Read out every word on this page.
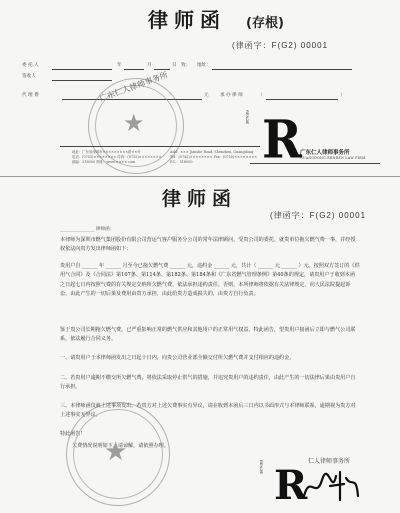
律师函 (存根)
(律函字：F(G2) 00001
委 托 人	年	月	日 致： 地址：
签收人
代 理 费	元 承 办 律 师	（	）
★
广东仁人律师事务所
地址：广东省深圳市×××××××××路××号
电话：(0755)×××××××× 传真：(0755)××××××××
邮编：518000 网址：www.××××.com
Add：××× Jianshe Road, Shenzhen, Guangdong
Tel：(0755)×××××××× Fax：(0755)××××××××
P.C.：518000
RENJIE R
广东仁人律师事务所
GUANGDONG RENREN LAW FIRM
律师函
(律函字：F(G2) 00001
_______________ 律师函：
本律师为深圳市燃气集团股份有限公司营运气客户服务分公司的常年法律顾问，受贵公司的委托，就贵单位拖欠燃气费一事，并经授权依法向贵方发出律师函如下：
贵用户自 ______ 年 ______ 月至今已拖欠燃气费 ______ 元，违约金 ______ 元，共计（ ______ 元 ______ ）元。按照双方签订的《供用气合同》及《合同法》第107条、第114条、第182条、第184条和《广东省燃气管理条例》第40条的规定，请贵用户于收到本函之日起七日内按照气费的有关规定交纳所欠燃气费，依法承担违约责任。否则，本所律师将依据有关法律规定，向人民法院提起诉讼，由此产生的一切后果及费用由贵方承担，由此给贵方造成损失的，由贵方自行负责。
鉴于贵公司长期拖欠燃气费，已严重影响正常的燃气供应和其他用户的正常用气权益，特此函告，望贵用户接函后立即与燃气公司联系，依法履行合同义务。
一、请贵用户于本律师函发出之日起十日内，向贵公司营业部全额交付所欠燃气费并支付相应的违约金。
二、若贵用户逾期不缴交所欠燃气费，将依法采取停止供气的措施，并追究贵用户的违约责任，由此产生的一切法律后果由贵用户自行承担。
三、本律师函仅就上述事项发出，若贵方对上述欠费事实有异议，请在收到本函后三日内以书面形式与本律师联系，逾期视为贵方对上述事实无异议。
特此函告！
欠费情况说明如下，请谅解，请依照办理。
★
RENJIE R
仁人律师事务所
